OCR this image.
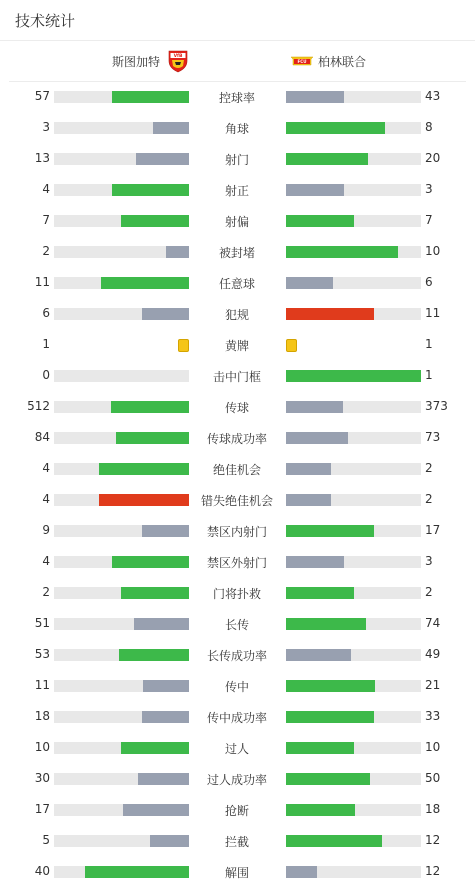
技术统计
斯图加特	VfB
FCU 柏林联合
57	控球率	43
3	角球	8
13	射门	20
4	射正	3
7	射偏	7
2	被封堵	10
11	任意球	6
6	犯规	11
1	黄牌	1
0	击中门框	1
512	传球	373
84	传球成功率	73
4	绝佳机会	2
4	错失绝佳机会	2
9	禁区内射门	17
4	禁区外射门	3
2	门将扑救	2
51	长传	74
53	长传成功率	49
11	传中	21
18	传中成功率	33
10	过人	10
30	过人成功率	50
17	抢断	18
5	拦截	12
40	解围	12
